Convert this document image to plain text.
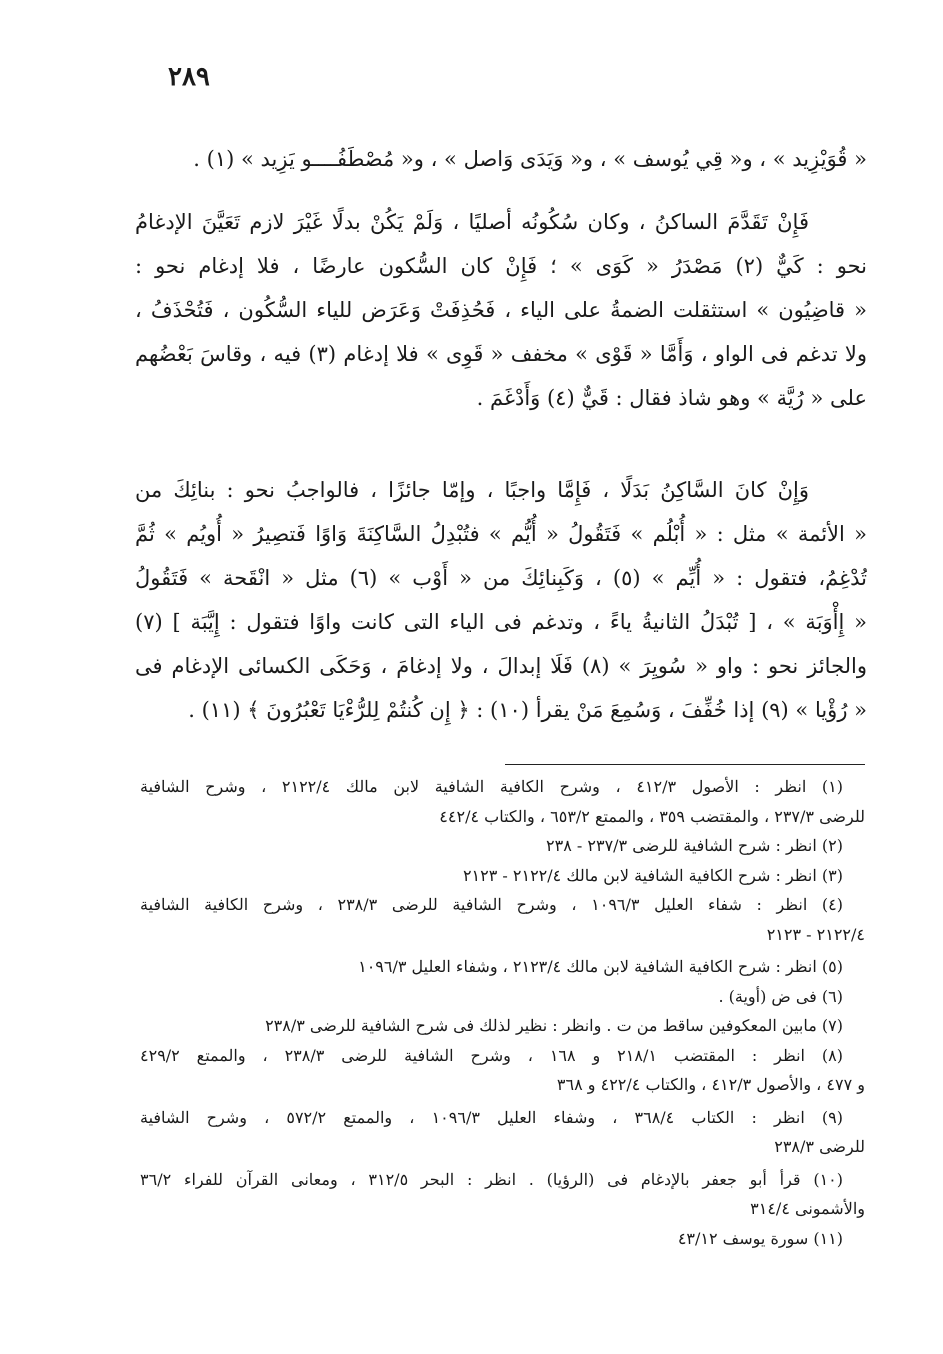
٢٨٩
« قُوَيْزِيد » ، و« قِي يُوسف » ، و« وَيَدَى وَاصل » ، و« مُصْطَفُــــو يَزِيد » (١) .
فَإِنْ تَقَدَّمَ الساكنُ ، وكان سُكُونُه أصليًا ، وَلَمْ يَكُنْ بدلًا غَيْرَ لازم تَعَيَّنَ الإدغامُ
نحو : كَيٌّ (٢) مَصْدَرُ « كَوَى » ؛ فَإِنْ كان السُّكون عارضًا ، فلا إدغام نحو :
« قاضِيُون » استثقلت الضمةُ على الياء ، فَحُذِفَتْ وَعَرَض للياء السُّكُون ، فَتُحْذَفُ ،
ولا تدغم فى الواو ، وَأَمَّا « قَوْى » مخفف « قَوِى » فلا إدغام (٣) فيه ، وقاسَ بَعْضُهم
على « رُيَّة » وهو شاذ فقال : قَيٌّ (٤) وَأَدْغَمَ .
وَإِنْ كانَ السَّاكِنُ بَدَلًا ، فَإِمَّا واجبًا ، وإمّا جائزًا ، فالواجبُ نحو : بنائِكَ من
« الأئمة » مثل : « أُبْلُم » فَتَقُولُ « أُيُّم » فتُبْدِلُ السَّاكِنَةَ وَاوًا فَتصِيرُ « أُويُم » ثُمَّ
تُدْغِمُ، فتقول : « أُيِّم » (٥) ، وَكَبِنائِكَ من « أَوْب » (٦) مثل « انْقَحة » فَتَقُولُ
« إِأْوَبَة » ، [ تُبْدَلُ الثانيةُ ياءً ، وتدغم فى الياء التى كانت واوًا فتقول : إِيَّبَة ] (٧)
والجائز نحو : واو « سُويِرَ » (٨) فَلَا إبدالَ ، ولا إدغامَ ، وَحَكَى الكسائى الإدغام فى
« رُؤْيا » (٩) إذا خُفِّفَ ، وَسُمِعَ مَنْ يقرأ (١٠) : ﴿ إِن كُنتُمْ لِلرُّءْيَا تَعْبُرُونَ ﴾ (١١) .
(١) انظر : الأصول ٤١٢/٣ ، وشرح الكافية الشافية لابن مالك ٢١٢٢/٤ ، وشرح الشافية
للرضى ٢٣٧/٣ ، والمقتضب ٣٥٩ ، والممتع ٦٥٣/٢ ، والكتاب ٤٤٢/٤
(٢) انظر : شرح الشافية للرضى ٢٣٧/٣ - ٢٣٨
(٣) انظر : شرح الكافية الشافية لابن مالك ٢١٢٢/٤ - ٢١٢٣
(٤) انظر : شفاء العليل ١٠٩٦/٣ ، وشرح الشافية للرضى ٢٣٨/٣ ، وشرح الكافية الشافية
٢١٢٢/٤ - ٢١٢٣
(٥) انظر : شرح الكافية الشافية لابن مالك ٢١٢٣/٤ ، وشفاء العليل ١٠٩٦/٣
(٦) فى ض (أوية) .
(٧) مابين المعكوفين ساقط من ت . وانظر : نظير لذلك فى شرح الشافية للرضى ٢٣٨/٣
(٨) انظر : المقتضب ٢١٨/١ و ١٦٨ ، وشرح الشافية للرضى ٢٣٨/٣ ، والممتع ٤٢٩/٢
و ٤٧٧ ، والأصول ٤١٢/٣ ، والكتاب ٤٢٢/٤ و ٣٦٨
(٩) انظر : الكتاب ٣٦٨/٤ ، وشفاء العليل ١٠٩٦/٣ ، والممتع ٥٧٢/٢ ، وشرح الشافية
للرضى ٢٣٨/٣
(١٠) قرأ أبو جعفر بالإدغام فى (الرؤيا) . انظر : البحر ٣١٢/٥ ، ومعانى القرآن للفراء ٣٦/٢
والأشمونى ٣١٤/٤
(١١) سورة يوسف ٤٣/١٢
